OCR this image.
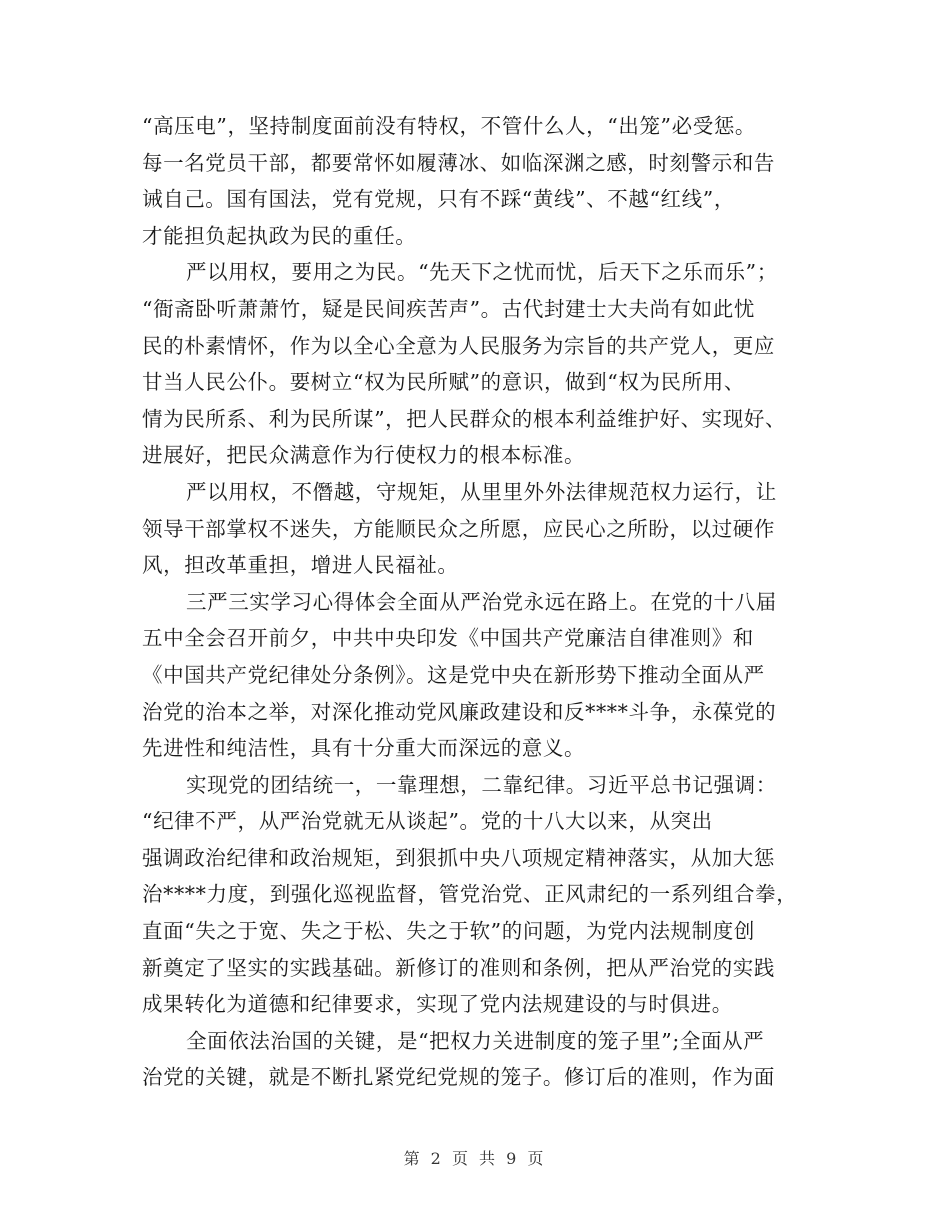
“高压电”，坚持制度面前没有特权，不管什么人，“出笼”必受惩。
每一名党员干部，都要常怀如履薄冰、如临深渊之感，时刻警示和告
诫自己。国有国法，党有党规，只有不踩“黄线”、不越“红线”，
才能担负起执政为民的重任。
严以用权，要用之为民。“先天下之忧而忧，后天下之乐而乐”；
“衙斋卧听萧萧竹，疑是民间疾苦声”。古代封建士大夫尚有如此忧
民的朴素情怀，作为以全心全意为人民服务为宗旨的共产党人，更应
甘当人民公仆。要树立“权为民所赋”的意识，做到“权为民所用、
情为民所系、利为民所谋”，把人民群众的根本利益维护好、实现好、
进展好，把民众满意作为行使权力的根本标准。
严以用权，不僭越，守规矩，从里里外外法律规范权力运行，让
领导干部掌权不迷失，方能顺民众之所愿，应民心之所盼，以过硬作
风，担改革重担，增进人民福祉。
三严三实学习心得体会全面从严治党永远在路上。在党的十八届
五中全会召开前夕，中共中央印发《中国共产党廉洁自律准则》和
《中国共产党纪律处分条例》。这是党中央在新形势下推动全面从严
治党的治本之举，对深化推动党风廉政建设和反****斗争，永葆党的
先进性和纯洁性，具有十分重大而深远的意义。
实现党的团结统一，一靠理想，二靠纪律。习近平总书记强调：
“纪律不严，从严治党就无从谈起”。党的十八大以来，从突出
强调政治纪律和政治规矩，到狠抓中央八项规定精神落实，从加大惩
治****力度，到强化巡视监督，管党治党、正风肃纪的一系列组合拳，
直面“失之于宽、失之于松、失之于软”的问题，为党内法规制度创
新奠定了坚实的实践基础。新修订的准则和条例，把从严治党的实践
成果转化为道德和纪律要求，实现了党内法规建设的与时俱进。
全面依法治国的关键，是“把权力关进制度的笼子里”;全面从严
治党的关键，就是不断扎紧党纪党规的笼子。修订后的准则，作为面
第 2 页 共 9 页
